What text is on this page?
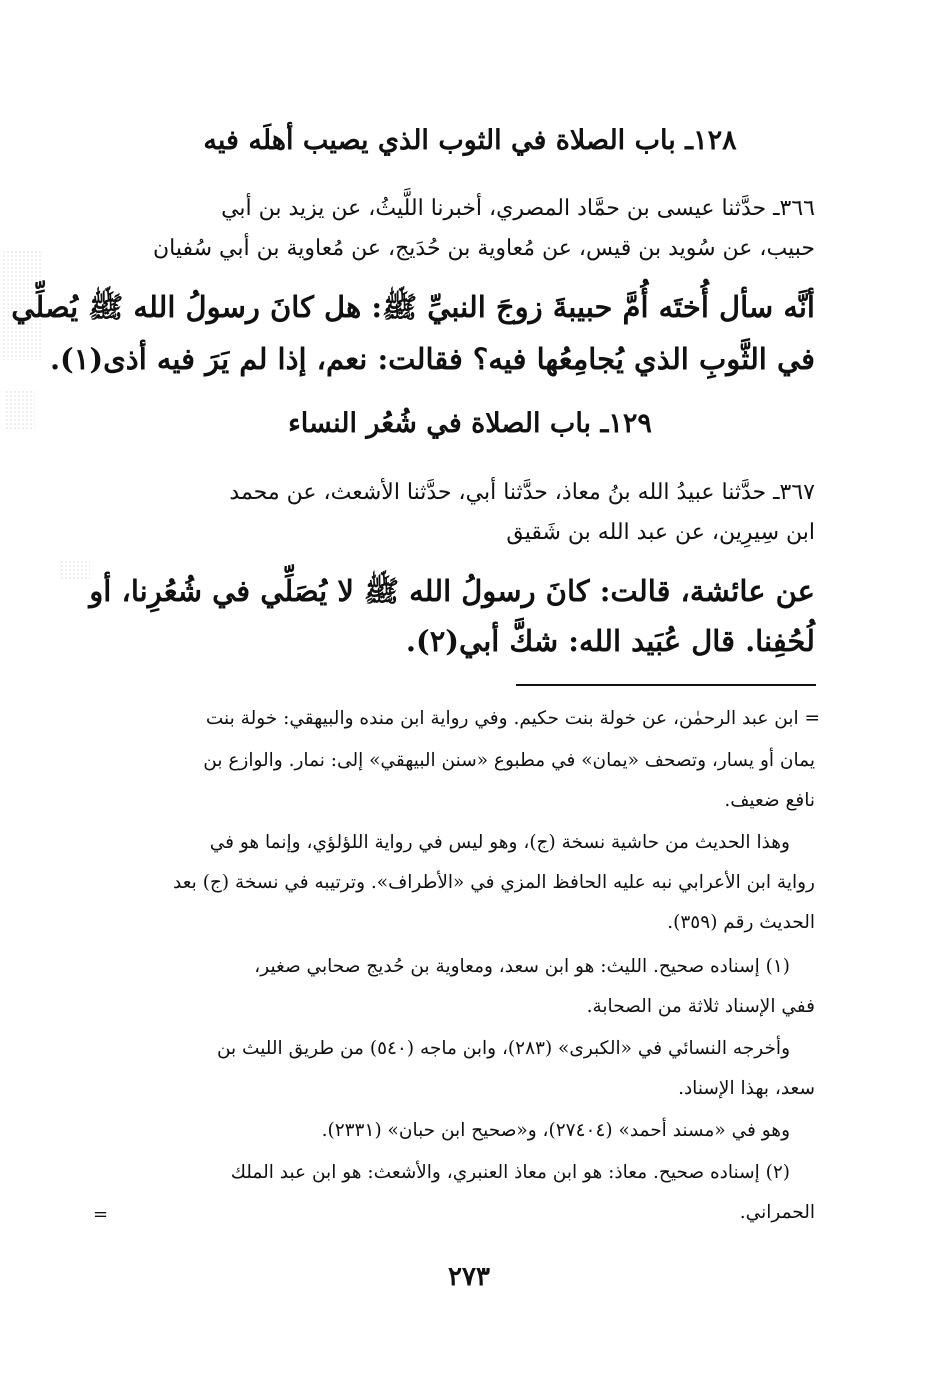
١٢٨ـ باب الصلاة في الثوب الذي يصيب أهلَه فيه
٣٦٦ـ حدَّثنا عيسى بن حمَّاد المصري، أخبرنا اللَّيثُ، عن يزيد بن أبي
حبيب، عن سُويد بن قيس، عن مُعاوية بن حُدَيج، عن مُعاوية بن أبي سُفيان
أنَّه سأل أُختَه أُمَّ حبيبةَ زوجَ النبيِّ ﷺ: هل كانَ رسولُ الله ﷺ يُصلِّي
في الثَّوبِ الذي يُجامِعُها فيه؟ فقالت: نعم، إذا لم يَرَ فيه أذى(١).
١٢٩ـ باب الصلاة في شُعُر النساء
٣٦٧ـ حدَّثنا عبيدُ الله بنُ معاذ، حدَّثنا أبي، حدَّثنا الأشعث، عن محمد
ابن سِيرِين، عن عبد الله بن شَقيق
عن عائشة، قالت: كانَ رسولُ الله ﷺ لا يُصَلِّي في شُعُرِنا، أو
لُحُفِنا. قال عُبَيد الله: شكَّ أبي(٢).
= ابن عبد الرحمٰن، عن خولة بنت حكيم. وفي رواية ابن منده والبيهقي: خولة بنت
يمان أو يسار، وتصحف «يمان» في مطبوع «سنن البيهقي» إلى: نمار. والوازع بن
نافع ضعيف.
وهذا الحديث من حاشية نسخة (ج)، وهو ليس في رواية اللؤلؤي، وإنما هو في
رواية ابن الأعرابي نبه عليه الحافظ المزي في «الأطراف». وترتيبه في نسخة (ج) بعد
الحديث رقم (٣٥٩).
(١) إسناده صحيح. الليث: هو ابن سعد، ومعاوية بن حُديج صحابي صغير،
ففي الإسناد ثلاثة من الصحابة.
وأخرجه النسائي في «الكبرى» (٢٨٣)، وابن ماجه (٥٤٠) من طريق الليث بن
سعد، بهذا الإسناد.
وهو في «مسند أحمد» (٢٧٤٠٤)، و«صحيح ابن حبان» (٢٣٣١).
(٢) إسناده صحيح. معاذ: هو ابن معاذ العنبري، والأشعث: هو ابن عبد الملك
الحمراني.
=
٢٧٣
